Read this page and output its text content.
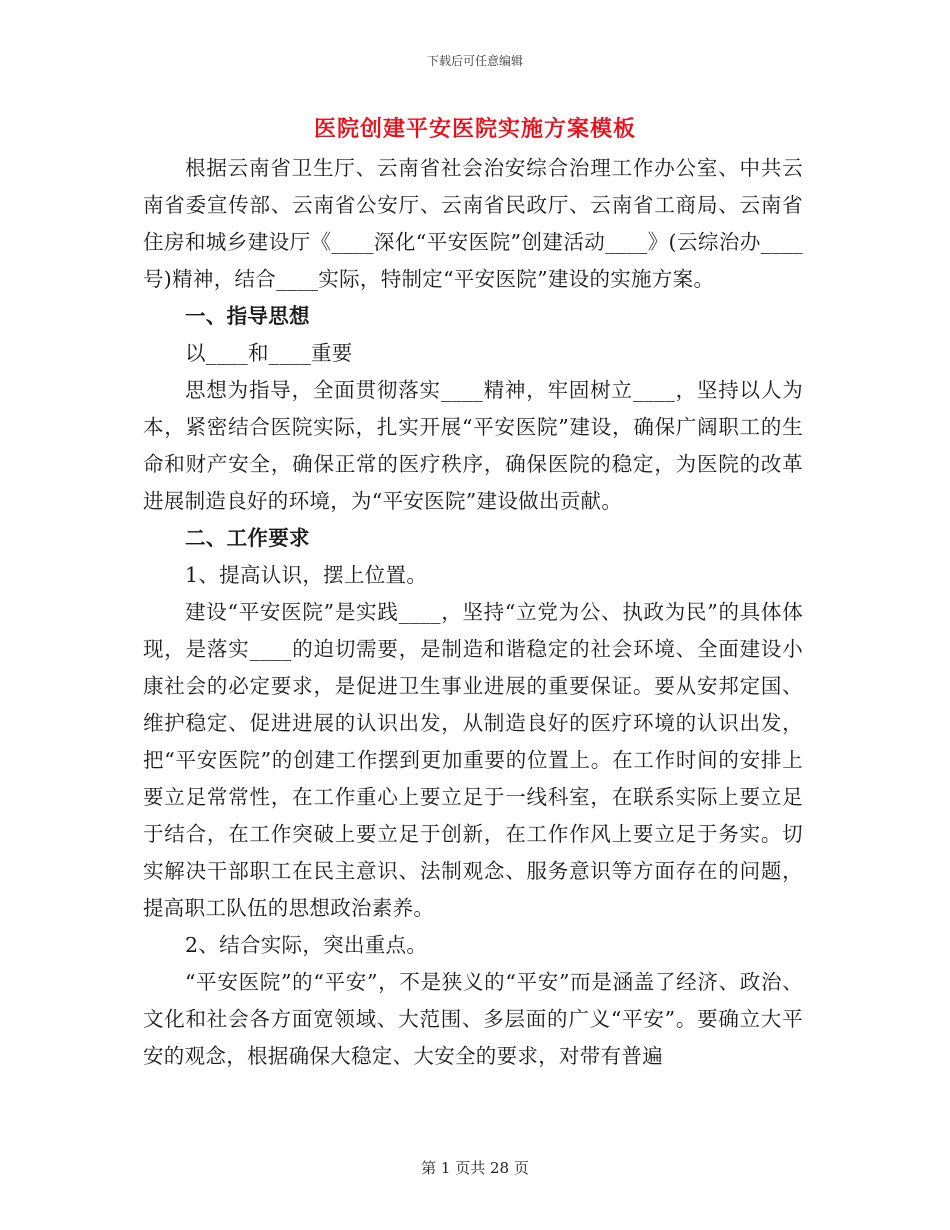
下载后可任意编辑
医院创建平安医院实施方案模板

根据云南省卫生厅、云南省社会治安综合治理工作办公室、中共云南省委宣传部、云南省公安厅、云南省民政厅、云南省工商局、云南省住房和城乡建设厅《____深化“平安医院”创建活动____》(云综治办____号)精神，结合____实际，特制定“平安医院”建设的实施方案。

一、指导思想

以____和____重要

思想为指导，全面贯彻落实____精神，牢固树立____，坚持以人为本，紧密结合医院实际，扎实开展“平安医院”建设，确保广阔职工的生命和财产安全，确保正常的医疗秩序，确保医院的稳定，为医院的改革进展制造良好的环境，为“平安医院”建设做出贡献。

二、工作要求

1、提高认识，摆上位置。

建设“平安医院”是实践____，坚持“立党为公、执政为民”的具体体现，是落实____的迫切需要，是制造和谐稳定的社会环境、全面建设小康社会的必定要求，是促进卫生事业进展的重要保证。要从安邦定国、维护稳定、促进进展的认识出发，从制造良好的医疗环境的认识出发，把“平安医院”的创建工作摆到更加重要的位置上。在工作时间的安排上要立足常常性，在工作重心上要立足于一线科室，在联系实际上要立足于结合，在工作突破上要立足于创新，在工作作风上要立足于务实。切实解决干部职工在民主意识、法制观念、服务意识等方面存在的问题，提高职工队伍的思想政治素养。

2、结合实际，突出重点。

“平安医院”的“平安”，不是狭义的“平安”而是涵盖了经济、政治、文化和社会各方面宽领域、大范围、多层面的广义“平安”。要确立大平安的观念，根据确保大稳定、大安全的要求，对带有普遍

第 1 页共 28 页
